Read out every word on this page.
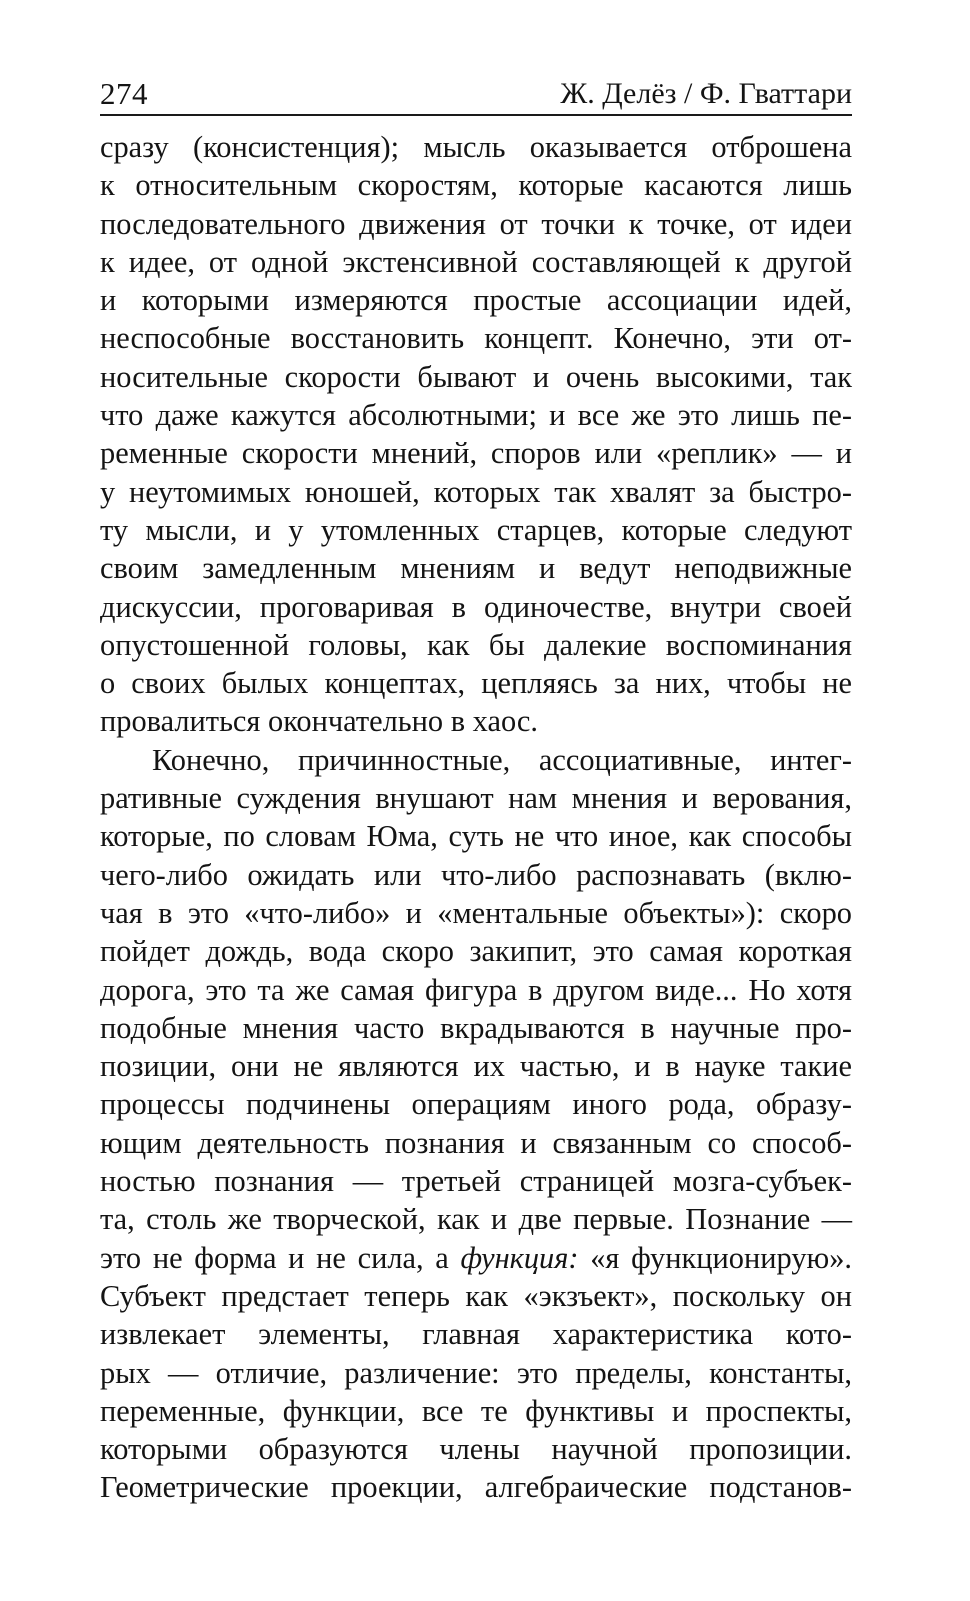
274	Ж. Делёз / Ф. Гваттари
сразу (консистенция); мысль оказывается отброшена
к относительным скоростям, которые касаются лишь
последовательного движения от точки к точке, от идеи
к идее, от одной экстенсивной составляющей к другой
и которыми измеряются простые ассоциации идей,
неспособные восстановить концепт. Конечно, эти от-
носительные скорости бывают и очень высокими, так
что даже кажутся абсолютными; и все же это лишь пе-
ременные скорости мнений, споров или «реплик» — и
у неутомимых юношей, которых так хвалят за быстро-
ту мысли, и у утомленных старцев, которые следуют
своим замедленным мнениям и ведут неподвижные
дискуссии, проговаривая в одиночестве, внутри своей
опустошенной головы, как бы далекие воспоминания
о своих былых концептах, цепляясь за них, чтобы не
провалиться окончательно в хаос.
Конечно, причинностные, ассоциативные, интег-
ративные суждения внушают нам мнения и верования,
которые, по словам Юма, суть не что иное, как способы
чего-либо ожидать или что-либо распознавать (вклю-
чая в это «что-либо» и «ментальные объекты»): скоро
пойдет дождь, вода скоро закипит, это самая короткая
дорога, это та же самая фигура в другом виде... Но хотя
подобные мнения часто вкрадываются в научные про-
позиции, они не являются их частью, и в науке такие
процессы подчинены операциям иного рода, образу-
ющим деятельность познания и связанным со способ-
ностью познания — третьей страницей мозга-субъек-
та, столь же творческой, как и две первые. Познание —
это не форма и не сила, а функция: «я функционирую».
Субъект предстает теперь как «экзъект», поскольку он
извлекает элементы, главная характеристика кото-
рых — отличие, различение: это пределы, константы,
переменные, функции, все те функтивы и проспекты,
которыми образуются члены научной пропозиции.
Геометрические проекции, алгебраические подстанов-
